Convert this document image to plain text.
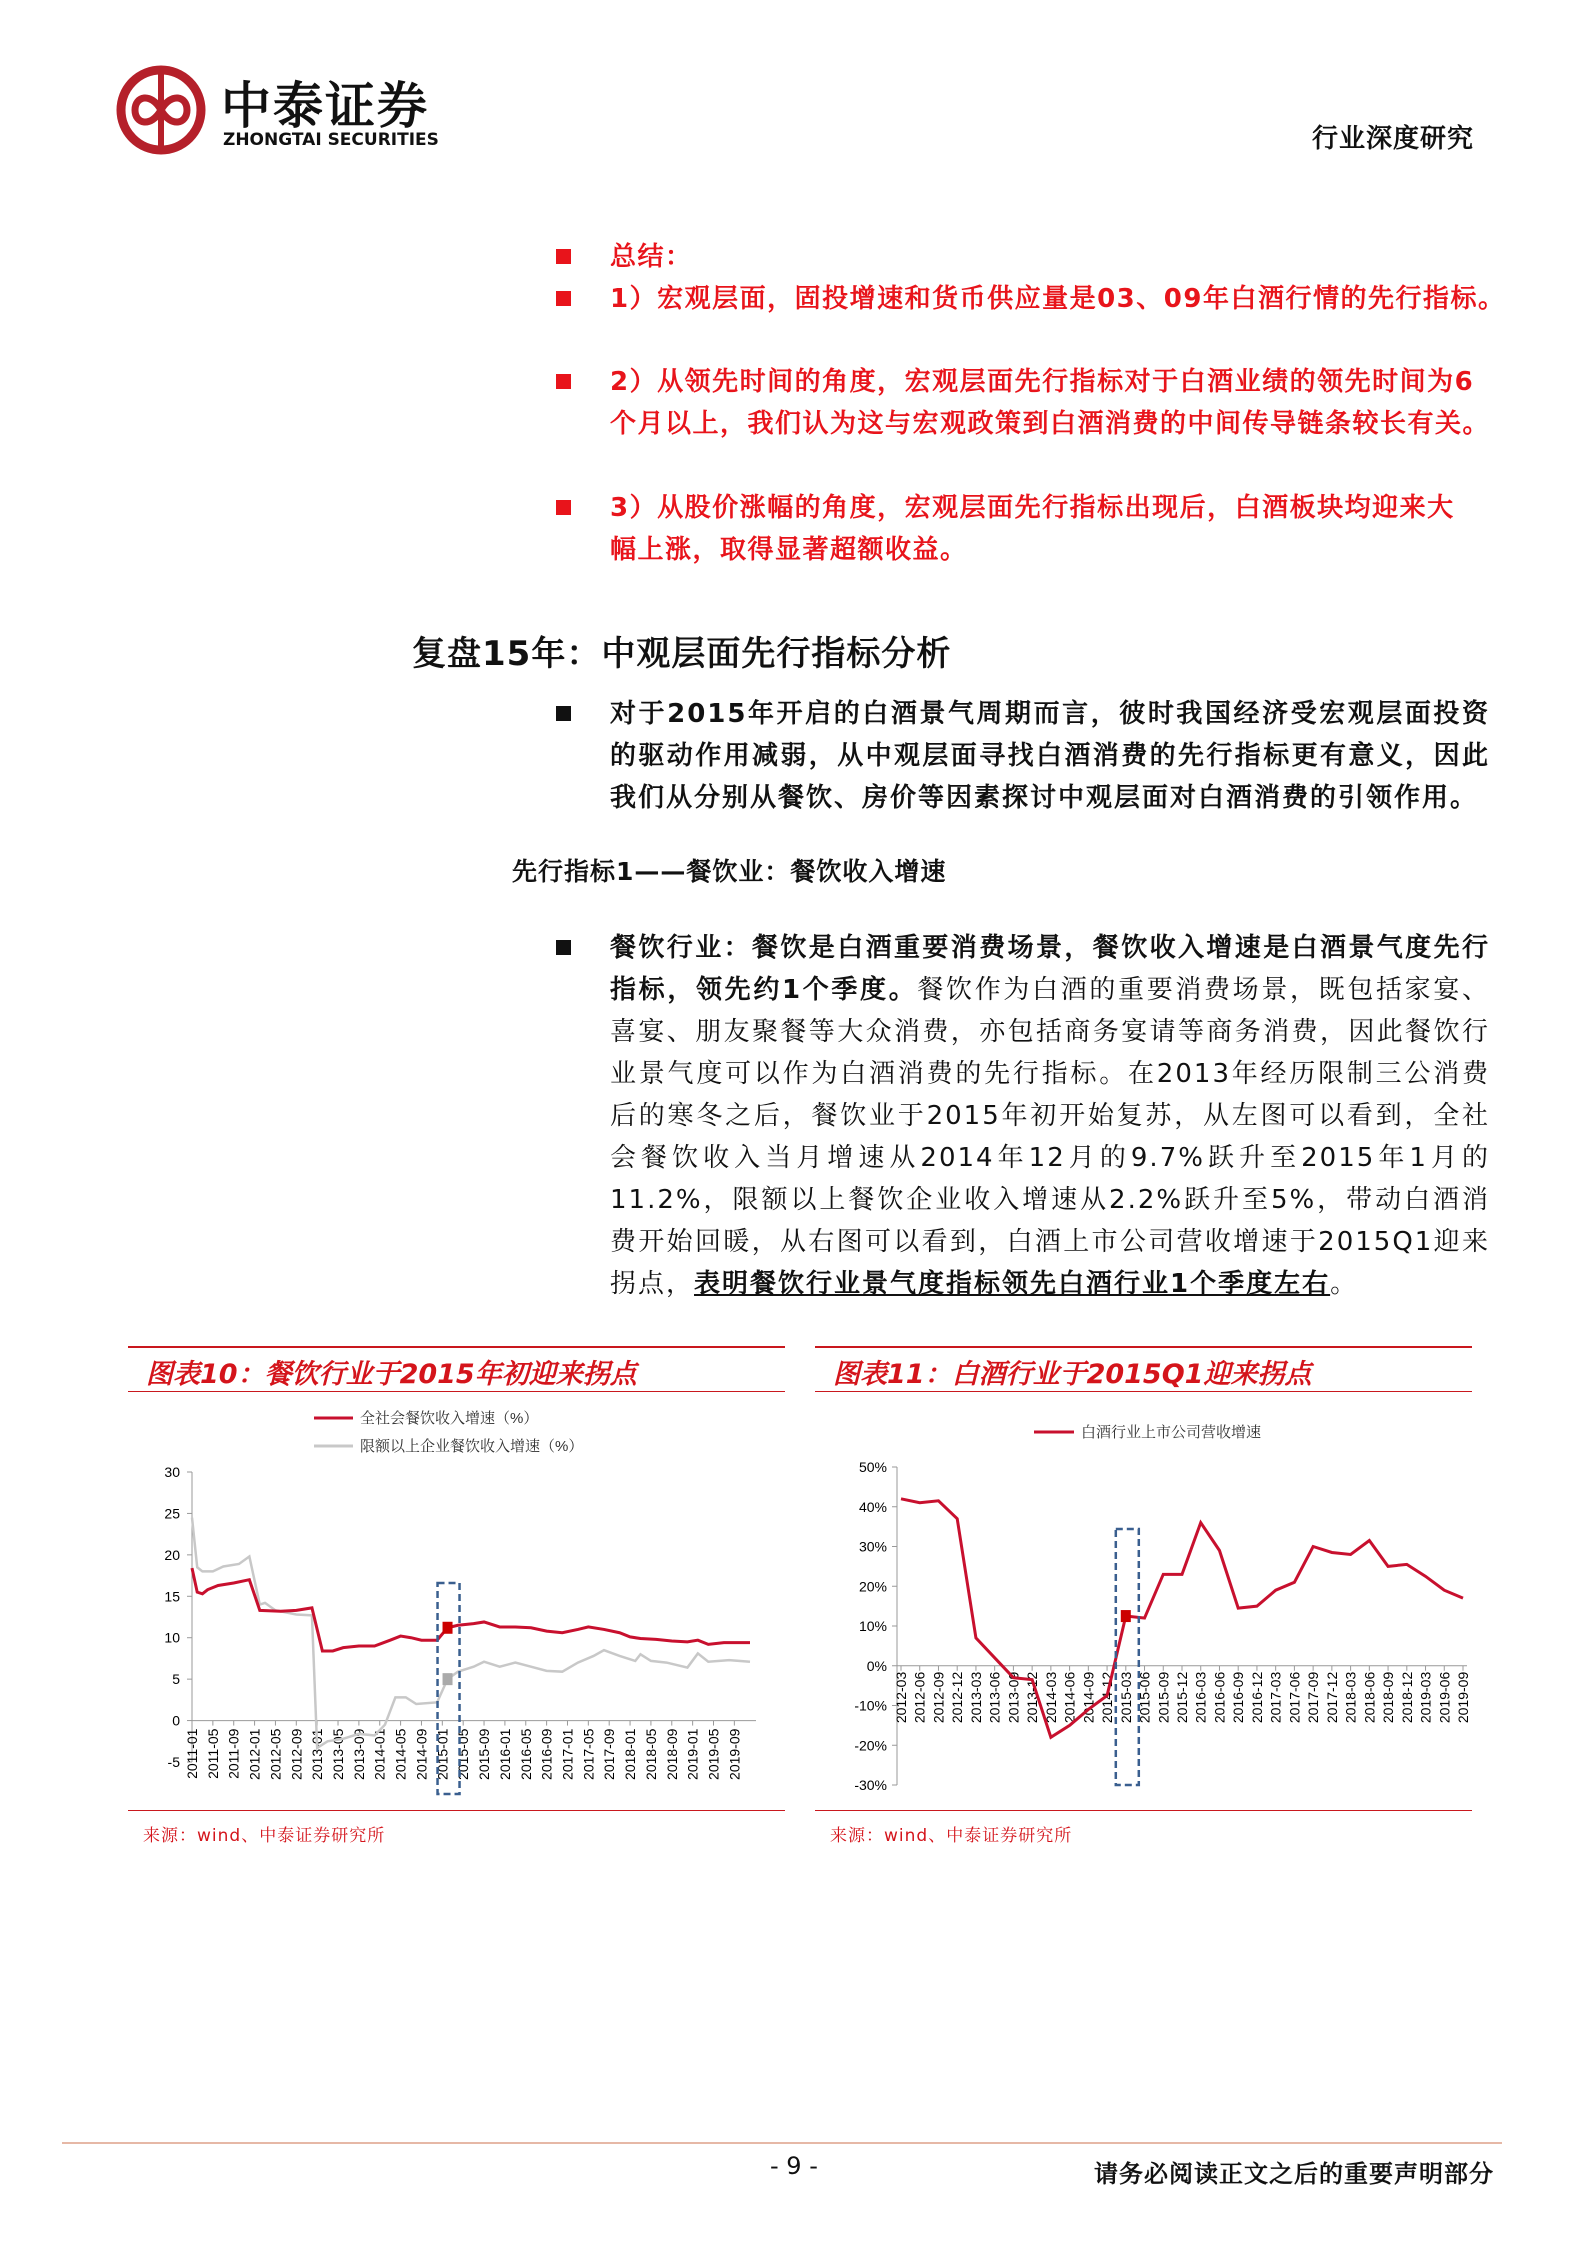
中泰证券
ZHONGTAI SECURITIES	行业深度研究
总结：
1）宏观层面，固投增速和货币供应量是03、09年白酒行情的先行指标。
2）从领先时间的角度，宏观层面先行指标对于白酒业绩的领先时间为6
个月以上，我们认为这与宏观政策到白酒消费的中间传导链条较长有关。
3）从股价涨幅的角度，宏观层面先行指标出现后，白酒板块均迎来大
幅上涨，取得显著超额收益。
复盘15年：中观层面先行指标分析
对于2015年开启的白酒景气周期而言，彼时我国经济受宏观层面投资的驱动作用减弱，从中观层面寻找白酒消费的先行指标更有意义，因此我们从分别从餐饮、房价等因素探讨中观层面对白酒消费的引领作用。
先行指标1——餐饮业：餐饮收入增速
餐饮行业：餐饮是白酒重要消费场景，餐饮收入增速是白酒景气度先行指标，领先约1个季度。餐饮作为白酒的重要消费场景，既包括家宴、喜宴、朋友聚餐等大众消费，亦包括商务宴请等商务消费，因此餐饮行业景气度可以作为白酒消费的先行指标。在2013年经历限制三公消费后的寒冬之后，餐饮业于2015年初开始复苏，从左图可以看到，全社会餐饮收入当月增速从2014年12月的9.7%跃升至2015年1月的11.2%，限额以上餐饮企业收入增速从2.2%跃升至5%，带动白酒消费开始回暖，从右图可以看到，白酒上市公司营收增速于2015Q1迎来拐点，表明餐饮行业景气度指标领先白酒行业1个季度左右。
图表10：餐饮行业于2015年初迎来拐点
-5
0
5
10
15
20
25
30
2011-01 2011-05 2011-09 2012-01 2012-05 2012-09 2013-01 2013-05 2013-09 2014-01 2014-05 2014-09 2015-01 2015-05 2015-09 2016-01 2016-05 2016-09 2017-01 2017-05 2017-09 2018-01 2018-05 2018-09 2019-01 2019-05 2019-09
全社会餐饮收入增速（%）
限额以上企业餐饮收入增速（%）
来源：wind、中泰证券研究所
图表11：白酒行业于2015Q1迎来拐点
-30%
-20%
-10%
0%
10%
20%
30%
40%
50%
2012-03 2012-06 2012-09 2012-12 2013-03 2013-06 2013-09 2013-12 2014-03 2014-06 2014-09 2014-12 2015-03 2015-06 2015-09 2015-12 2016-03 2016-06 2016-09 2016-12 2017-03 2017-06 2017-09 2017-12 2018-03 2018-06 2018-09 2018-12 2019-03 2019-06 2019-09
白酒行业上市公司营收增速
来源：wind、中泰证券研究所
- 9 -	请务必阅读正文之后的重要声明部分
